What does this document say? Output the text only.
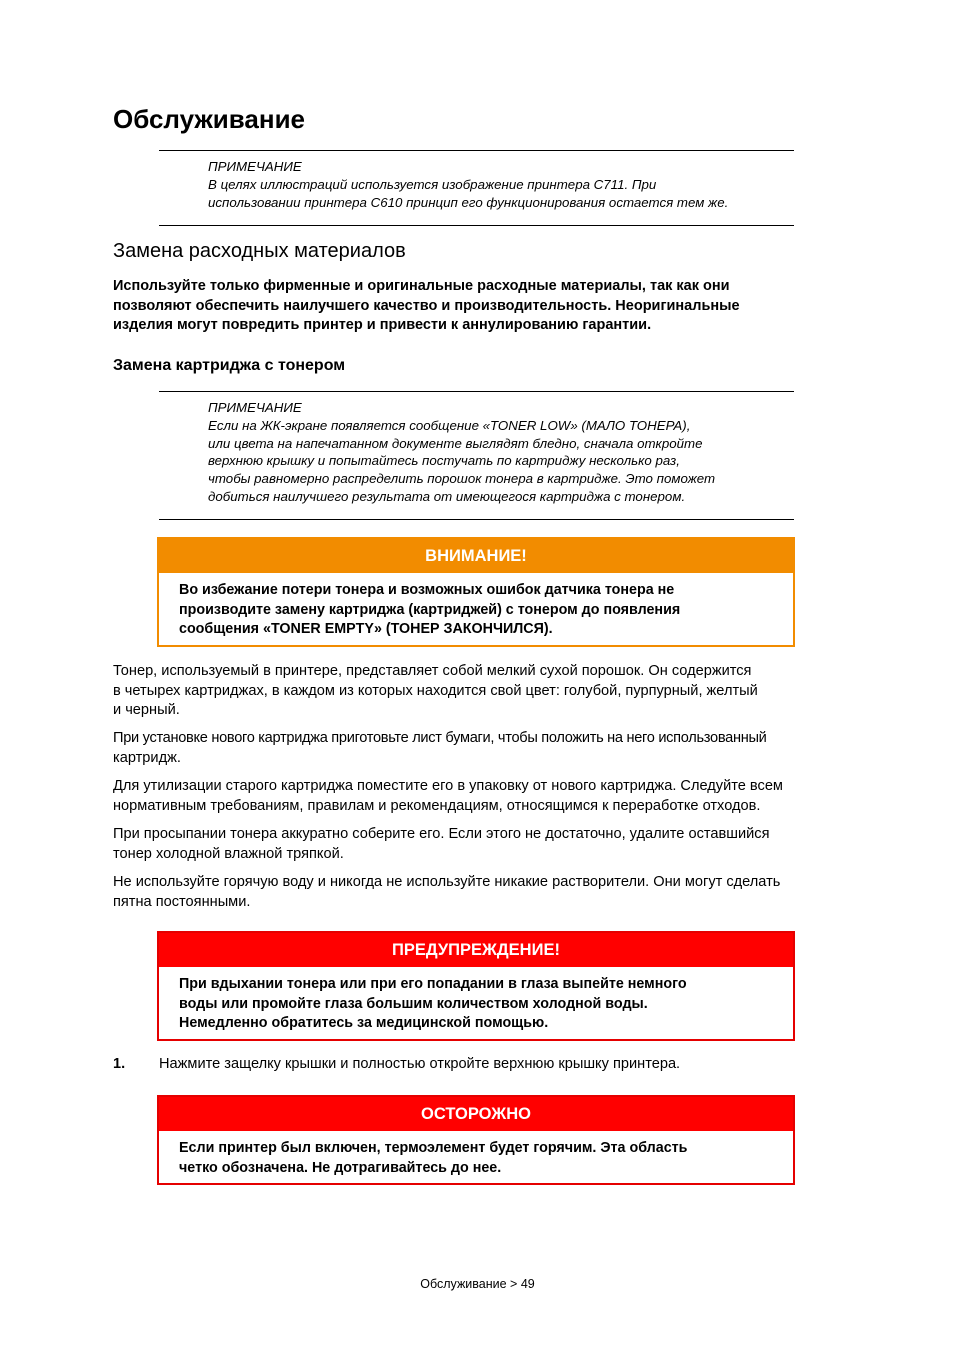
Обслуживание
ПРИМЕЧАНИЕ
В целях иллюстраций используется изображение принтера C711. При
использовании принтера C610 принцип его функционирования остается тем же.
Замена расходных материалов
Используйте только фирменные и оригинальные расходные материалы, так как они
позволяют обеспечить наилучшего качество и производительность. Неоригинальные
изделия могут повредить принтер и привести к аннулированию гарантии.
Замена картриджа с тонером
ПРИМЕЧАНИЕ
Если на ЖК-экране появляется сообщение «TONER LOW» (МАЛО ТОНЕРА),
или цвета на напечатанном документе выглядят бледно, сначала откройте
верхнюю крышку и попытайтесь постучать по картриджу несколько раз,
чтобы равномерно распределить порошок тонера в картридже. Это поможет
добиться наилучшего результата от имеющегося картриджа с тонером.
ВНИМАНИЕ!
Во избежание потери тонера и возможных ошибок датчика тонера не
производите замену картриджа (картриджей) с тонером до появления
сообщения «TONER EMPTY» (ТОНЕР ЗАКОНЧИЛСЯ).
Тонер, используемый в принтере, представляет собой мелкий сухой порошок. Он содержится
в четырех картриджах, в каждом из которых находится свой цвет: голубой, пурпурный, желтый
и черный.
При установке нового картриджа приготовьте лист бумаги, чтобы положить на него использованный
картридж.
Для утилизации старого картриджа поместите его в упаковку от нового картриджа. Следуйте всем
нормативным требованиям, правилам и рекомендациям, относящимся к переработке отходов.
При просыпании тонера аккуратно соберите его. Если этого не достаточно, удалите оставшийся
тонер холодной влажной тряпкой.
Не используйте горячую воду и никогда не используйте никакие растворители. Они могут сделать
пятна постоянными.
ПРЕДУПРЕЖДЕНИЕ!
При вдыхании тонера или при его попадании в глаза выпейте немного
воды или промойте глаза большим количеством холодной воды.
Немедленно обратитесь за медицинской помощью.
1. Нажмите защелку крышки и полностью откройте верхнюю крышку принтера.
ОСТОРОЖНО
Если принтер был включен, термоэлемент будет горячим. Эта область
четко обозначена. Не дотрагивайтесь до нее.
Обслуживание > 49
